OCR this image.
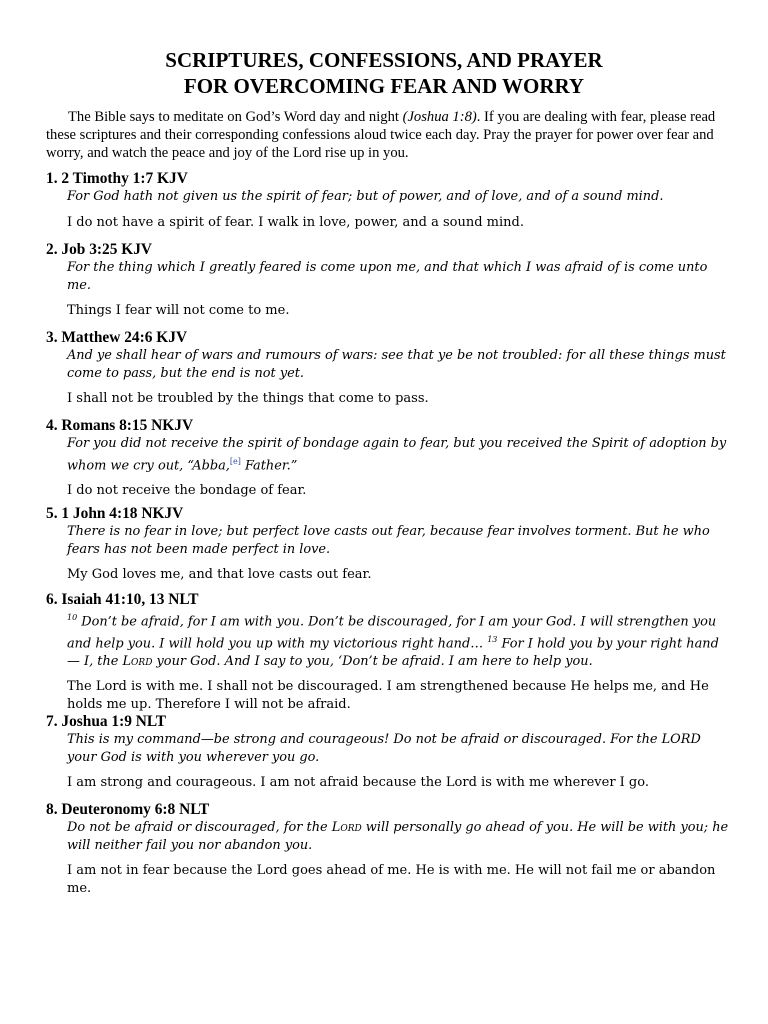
SCRIPTURES, CONFESSIONS, AND PRAYER
FOR OVERCOMING FEAR AND WORRY

The Bible says to meditate on God’s Word day and night (Joshua 1:8). If you are dealing with fear, please read these scriptures and their corresponding confessions aloud twice each day. Pray the prayer for power over fear and worry, and watch the peace and joy of the Lord rise up in you.

1. 2 Timothy 1:7 KJV

For God hath not given us the spirit of fear; but of power, and of love, and of a sound mind.

I do not have a spirit of fear. I walk in love, power, and a sound mind.

2. Job 3:25 KJV

For the thing which I greatly feared is come upon me, and that which I was afraid of is come unto me.

Things I fear will not come to me.

3. Matthew 24:6 KJV

And ye shall hear of wars and rumours of wars: see that ye be not troubled: for all these things must come to pass, but the end is not yet.

I shall not be troubled by the things that come to pass.

4. Romans 8:15 NKJV

For you did not receive the spirit of bondage again to fear, but you received the Spirit of adoption by whom we cry out, “Abba,[e] Father.”

I do not receive the bondage of fear.

5. 1 John 4:18 NKJV

There is no fear in love; but perfect love casts out fear, because fear involves torment. But he who fears has not been made perfect in love.

My God loves me, and that love casts out fear.

6. Isaiah 41:10, 13 NLT

$^{10}$ Don’t be afraid, for I am with you. Don’t be discouraged, for I am your God. I will strengthen you and help you. I will hold you up with my victorious right hand… $^{13}$ For I hold you by your right hand— I, the Lord your God. And I say to you, ‘Don’t be afraid. I am here to help you.

The Lord is with me. I shall not be discouraged. I am strengthened because He helps me, and He holds me up. Therefore I will not be afraid.

7. Joshua 1:9 NLT

This is my command—be strong and courageous! Do not be afraid or discouraged. For the LORD your God is with you wherever you go.

I am strong and courageous. I am not afraid because the Lord is with me wherever I go.

8. Deuteronomy 6:8 NLT

Do not be afraid or discouraged, for the Lord will personally go ahead of you. He will be with you; he will neither fail you nor abandon you.

I am not in fear because the Lord goes ahead of me. He is with me. He will not fail me or abandon me.
